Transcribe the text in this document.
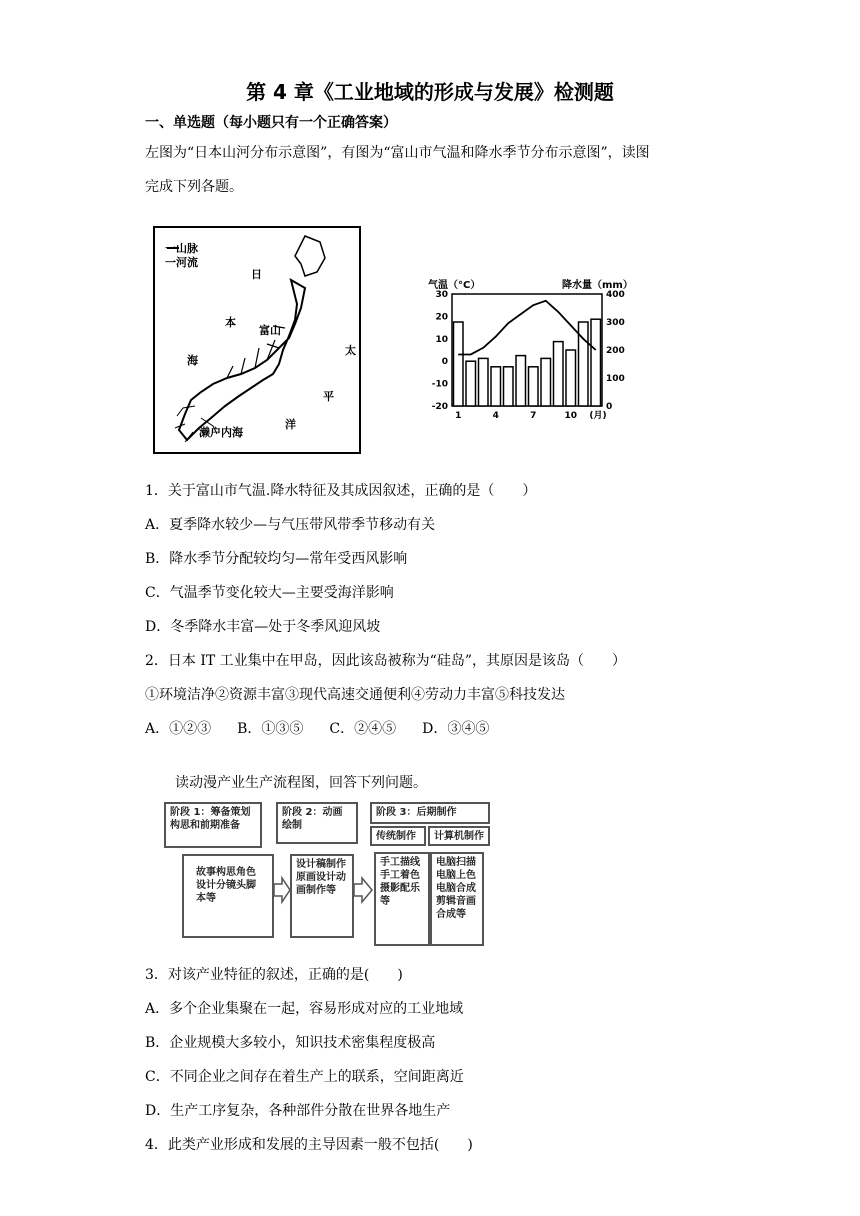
第 4 章《工业地域的形成与发展》检测题
一、单选题（每小题只有一个正确答案）
左图为“日本山河分布示意图”，有图为“富山市气温和降水季节分布示意图”，读图
完成下列各题。
一山脉
一河流
日
本
海
富山
太
平
洋
濑户内海
气温（°C）	降水量（mm）
30
20
10
0
-10
-20
400
300
200
100
0
1	4	7	10 (月)
1．关于富山市气温.降水特征及其成因叙述，正确的是（　　）
A．夏季降水较少—与气压带风带季节移动有关
B．降水季节分配较均匀—常年受西风影响
C．气温季节变化较大—主要受海洋影响
D．冬季降水丰富—处于冬季风迎风坡
2．日本 IT 工业集中在甲岛，因此该岛被称为“硅岛”，其原因是该岛（　　）
①环境洁净②资源丰富③现代高速交通便利④劳动力丰富⑤科技发达
A．①②③ B．①③⑤ C．②④⑤ D．③④⑤
读动漫产业生产流程图，回答下列问题。
阶段 1：筹备策划构思和前期准备
阶段 2：动画绘制
阶段 3：后期制作
传统制作	计算机制作
故事构思角色设计分镜头脚本等
设计稿制作原画设计动画制作等
手工描线手工着色摄影配乐等
电脑扫描电脑上色电脑合成剪辑音画合成等
3．对该产业特征的叙述，正确的是(　　)
A．多个企业集聚在一起，容易形成对应的工业地域
B．企业规模大多较小，知识技术密集程度极高
C．不同企业之间存在着生产上的联系，空间距离近
D．生产工序复杂，各种部件分散在世界各地生产
4．此类产业形成和发展的主导因素一般不包括(　　)
